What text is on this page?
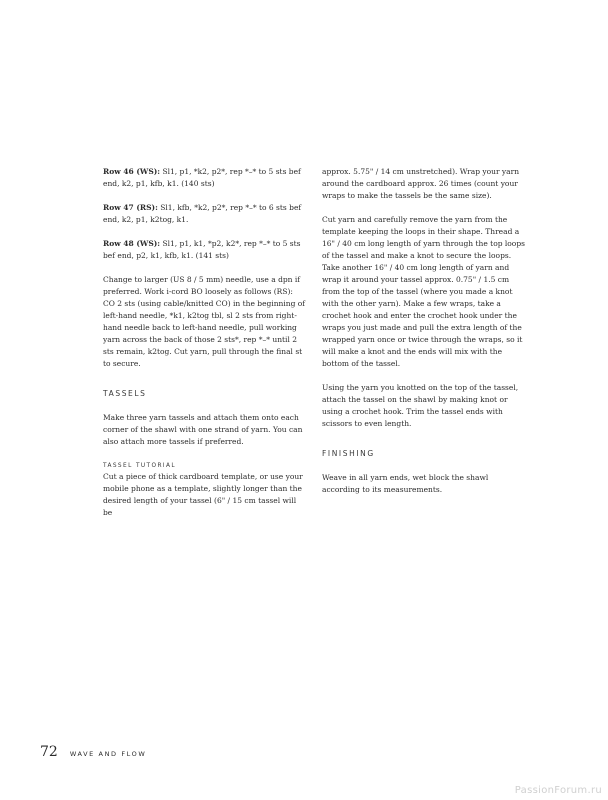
Row 46 (WS): Sl1, p1, *k2, p2*, rep *–* to 5 sts bef end, k2, p1, kfb, k1. (140 sts)

Row 47 (RS): Sl1, kfb, *k2, p2*, rep *–* to 6 sts bef end, k2, p1, k2tog, k1.

Row 48 (WS): Sl1, p1, k1, *p2, k2*, rep *–* to 5 sts bef end, p2, k1, kfb, k1. (141 sts)

Change to larger (US 8 / 5 mm) needle, use a dpn if preferred. Work i-cord BO loosely as follows (RS): CO 2 sts (using cable/knitted CO) in the beginning of left-hand needle, *k1, k2tog tbl, sl 2 sts from right-hand needle back to left-hand needle, pull working yarn across the back of those 2 sts*, rep *–* until 2 sts remain, k2tog. Cut yarn, pull through the final st to secure.

TASSELS

Make three yarn tassels and attach them onto each corner of the shawl with one strand of yarn. You can also attach more tassels if preferred.

TASSEL TUTORIAL

Cut a piece of thick cardboard template, or use your mobile phone as a template, slightly longer than the desired length of your tassel (6" / 15 cm tassel will be

approx. 5.75" / 14 cm unstretched). Wrap your yarn around the cardboard approx. 26 times (count your wraps to make the tassels be the same size).

Cut yarn and carefully remove the yarn from the template keeping the loops in their shape. Thread a 16" / 40 cm long length of yarn through the top loops of the tassel and make a knot to secure the loops. Take another 16" / 40 cm long length of yarn and wrap it around your tassel approx. 0.75" / 1.5 cm from the top of the tassel (where you made a knot with the other yarn). Make a few wraps, take a crochet hook and enter the crochet hook under the wraps you just made and pull the extra length of the wrapped yarn once or twice through the wraps, so it will make a knot and the ends will mix with the bottom of the tassel.

Using the yarn you knotted on the top of the tassel, attach the tassel on the shawl by making knot or using a crochet hook. Trim the tassel ends with scissors to even length.

FINISHING

Weave in all yarn ends, wet block the shawl according to its measurements.

72 WAVE AND FLOW
PassionForum.ru
